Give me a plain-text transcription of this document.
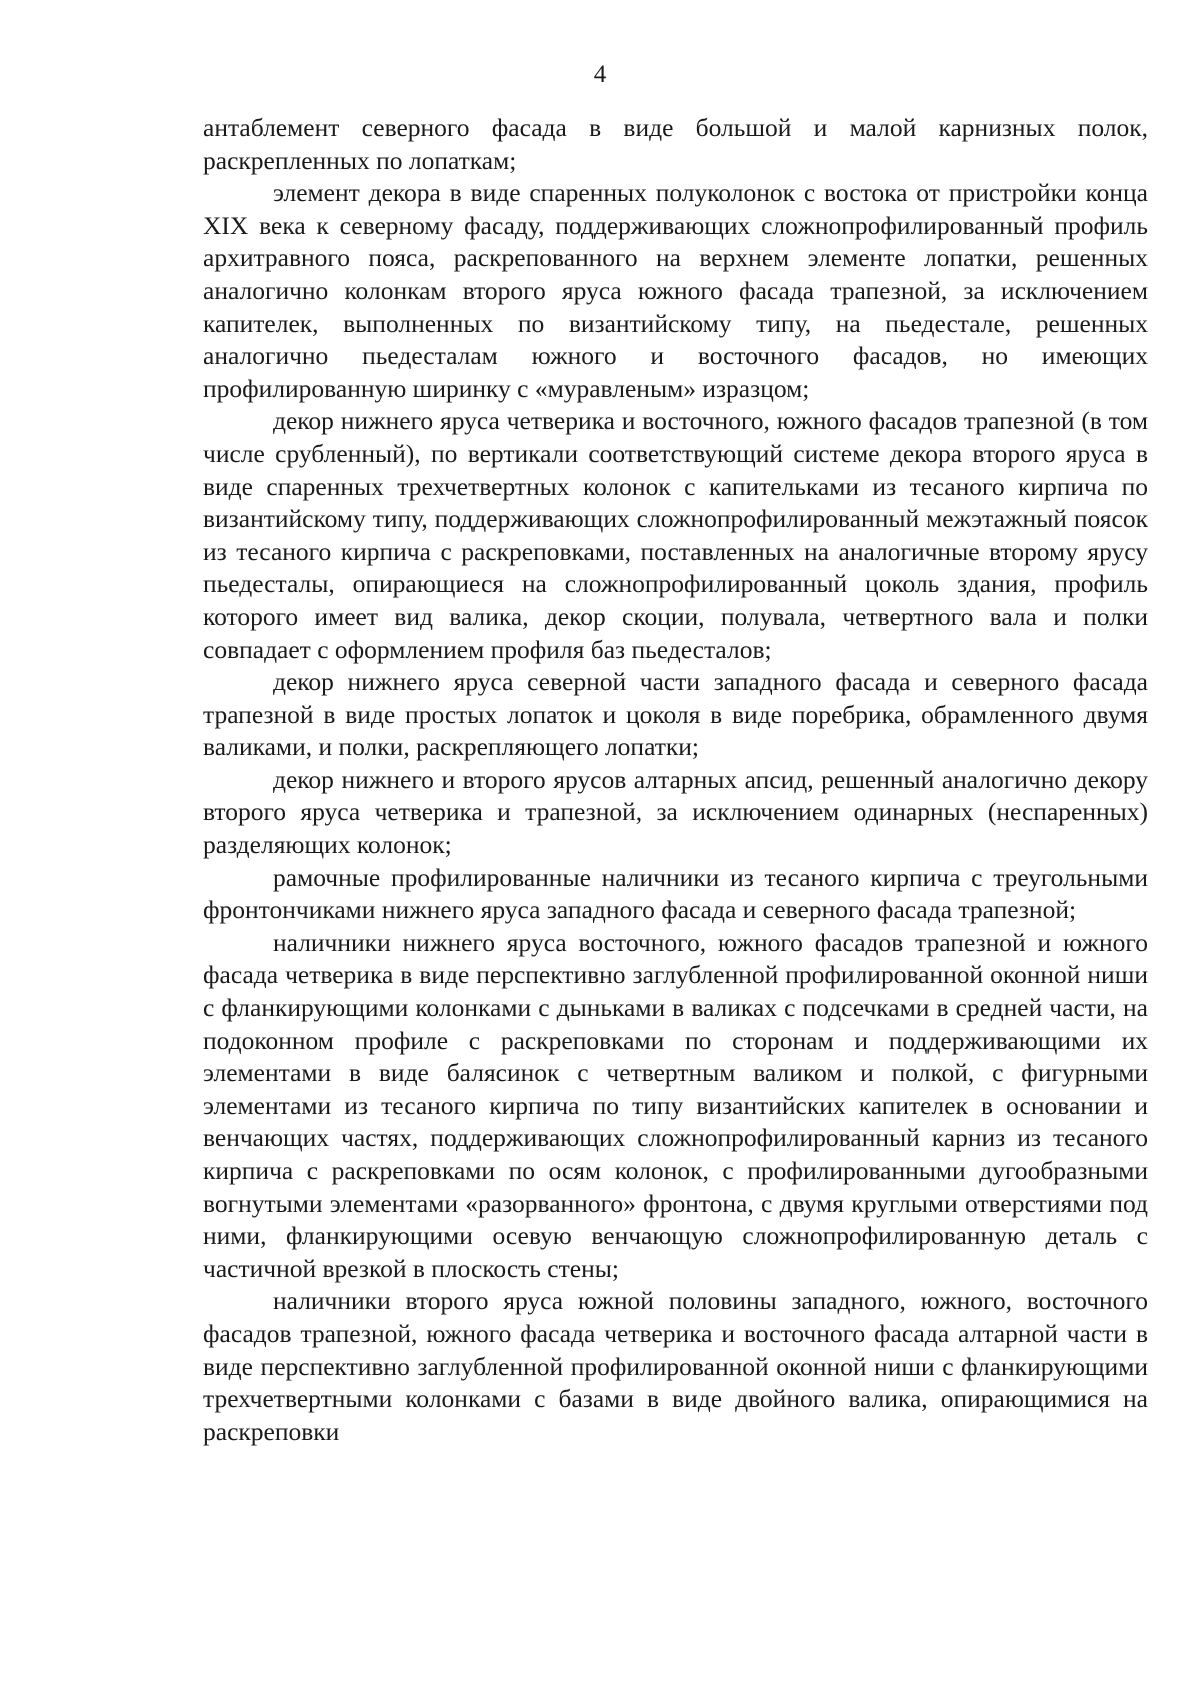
4

антаблемент северного фасада в виде большой и малой карнизных полок, раскрепленных по лопаткам;

элемент декора в виде спаренных полуколонок с востока от пристройки конца XIX века к северному фасаду, поддерживающих сложнопрофилированный профиль архитравного пояса, раскрепованного на верхнем элементе лопатки, решенных аналогично колонкам второго яруса южного фасада трапезной, за исключением капителек, выполненных по византийскому типу, на пьедестале, решенных аналогично пьедесталам южного и восточного фасадов, но имеющих профилированную ширинку с «муравленым» изразцом;

декор нижнего яруса четверика и восточного, южного фасадов трапезной (в том числе срубленный), по вертикали соответствующий системе декора второго яруса в виде спаренных трехчетвертных колонок с капительками из тесаного кирпича по византийскому типу, поддерживающих сложнопрофилированный межэтажный поясок из тесаного кирпича с раскреповками, поставленных на аналогичные второму ярусу пьедесталы, опирающиеся на сложнопрофилированный цоколь здания, профиль которого имеет вид валика, декор скоции, полувала, четвертного вала и полки совпадает с оформлением профиля баз пьедесталов;

декор нижнего яруса северной части западного фасада и северного фасада трапезной в виде простых лопаток и цоколя в виде поребрика, обрамленного двумя валиками, и полки, раскрепляющего лопатки;

декор нижнего и второго ярусов алтарных апсид, решенный аналогично декору второго яруса четверика и трапезной, за исключением одинарных (неспаренных) разделяющих колонок;

рамочные профилированные наличники из тесаного кирпича с треугольными фронтончиками нижнего яруса западного фасада и северного фасада трапезной;

наличники нижнего яруса восточного, южного фасадов трапезной и южного фасада четверика в виде перспективно заглубленной профилированной оконной ниши с фланкирующими колонками с дыньками в валиках с подсечками в средней части, на подоконном профиле с раскреповками по сторонам и поддерживающими их элементами в виде балясинок с четвертным валиком и полкой, с фигурными элементами из тесаного кирпича по типу византийских капителек в основании и венчающих частях, поддерживающих сложнопрофилированный карниз из тесаного кирпича с раскреповками по осям колонок, с профилированными дугообразными вогнутыми элементами «разорванного» фронтона, с двумя круглыми отверстиями под ними, фланкирующими осевую венчающую сложнопрофилированную деталь с частичной врезкой в плоскость стены;

наличники второго яруса южной половины западного, южного, восточного фасадов трапезной, южного фасада четверика и восточного фасада алтарной части в виде перспективно заглубленной профилированной оконной ниши с фланкирующими трехчетвертными колонками с базами в виде двойного валика, опирающимися на раскреповки
